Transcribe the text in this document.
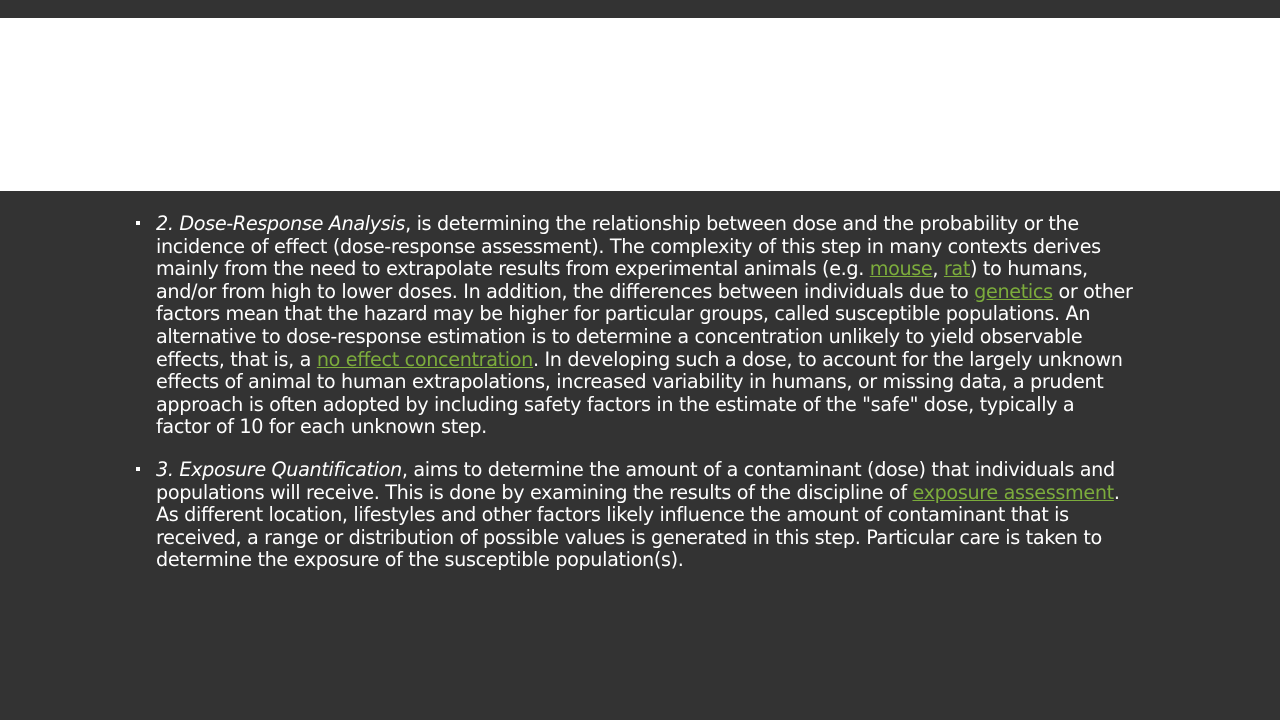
2. Dose-Response Analysis, is determining the relationship between dose and the probability or the incidence of effect (dose-response assessment). The complexity of this step in many contexts derives mainly from the need to extrapolate results from experimental animals (e.g. mouse, rat) to humans, and/or from high to lower doses. In addition, the differences between individuals due to genetics or other factors mean that the hazard may be higher for particular groups, called susceptible populations. An alternative to dose-response estimation is to determine a concentration unlikely to yield observable effects, that is, a no effect concentration. In developing such a dose, to account for the largely unknown effects of animal to human extrapolations, increased variability in humans, or missing data, a prudent approach is often adopted by including safety factors in the estimate of the "safe" dose, typically a factor of 10 for each unknown step.
3. Exposure Quantification, aims to determine the amount of a contaminant (dose) that individuals and populations will receive. This is done by examining the results of the discipline of exposure assessment. As different location, lifestyles and other factors likely influence the amount of contaminant that is received, a range or distribution of possible values is generated in this step. Particular care is taken to determine the exposure of the susceptible population(s).
